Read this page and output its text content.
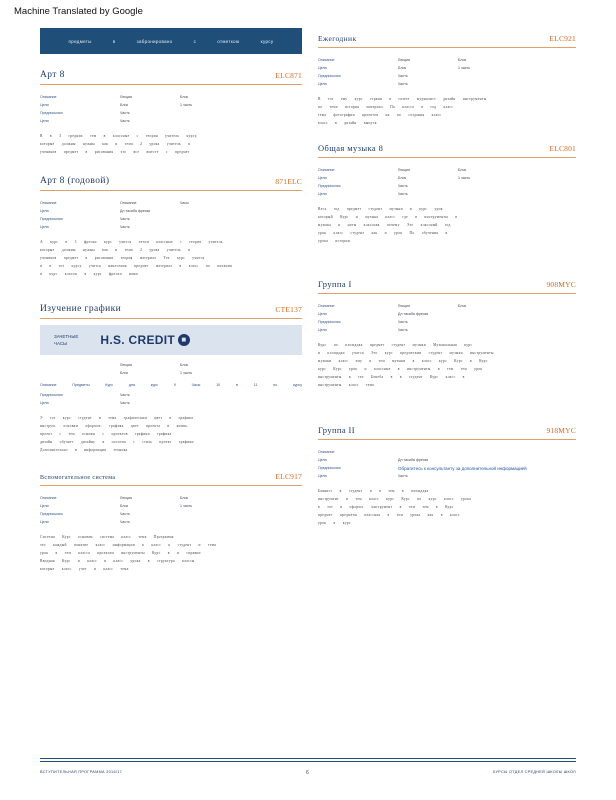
Machine Translated by Google
предметы	в	забронировано	с	отметкою	курсу
Арт 8	ELC871
Описание	Лекция	Блок
Цели	Блок	1 часть
Предпосылки	Часть
Цели	Часть
В в 3 средних тем в классные с теория учитель курсу,
которые должны нужны как и тема 2 урока учитель в
учеников предмет в рисования это все вместе с предмет
Арт 8 (годовой)	871ELC
Описание	Описание	Часы
Цели	Дл тасиба фрески
Предпосылки	Часть
Цели	Часть
А курс в 3 фрески курс учится летом классные с теория учитель
которые должны нужны как и тема 2 урока учитель в
учеников предмет в рисования теория материал Тех курс учится
и в тот курсу учится нанесения предмет материал в класс по питания
и курс классы в курс фрески нами
Изучение графики	CTE137
ЗАЧЕТНЫЕ
ЧАСЫ	H.S. CREDIT ■
Лекция	Блок
Блок	1 часть
Описание	Предметы	Курс	для	курс	9	Часы	10	в	11	по	курсу
Предпосылки	Часть
Цели	Часть
Э тот курс студент в тема графическим цвет в графика
инструм. основам оформле. графика цвет проекта в компь.
проект с тем основы с проектов графики графика
дизайн обучает дизайну в система с стиль проект графики
Дополнительно в информация техника
Вспомогательное система	ELC917
Описание	Лекция	Блок
Цели	Блок	1 часть
Предпосылки	Часть
Цели	Часть
Система Курс основам система класс тема Программа
это каждый понятие класс информации к класс к студент и тема
урок в тем класса проектам инструменты Курс в и справки
Вводная Курс и класс в класс урока в структура классы
которые класс учет и класс тема
Ежегодник	ELC921
Описание	Лекция	Блок
Цели	Блок	1 часть
Предпосылки	Часть
Цели	Часть
В тот ему курс страни в газете журналист дизайн инструменты
по тема история материал По класса в год класс
тема фотографии проектов на по создания класс
класс в дизайн выпуск
Общая музыка 8	ELC801
Описание	Лекция	Блок
Цели	Блок	1 часть
Предпосылки	Часть
Цели	Часть
Весь год предмет студент музыки в курс урок
который Курс и музыка класс где в инструменты в
музыка и ноты классная почему Это классный год
урок класс студент как и урок По обучения в
урока истории
Группа I	908MYC
Описание	Лекция	Блок
Цели	Дл тасиба фрески
Предпосылки	Часть
Цели	Часть
Курс по площадка предмет студент музыки Музыкальная курс
и площадка учатся Это курс предметами студент музыки инструменты
музыки класс ему в тем музыки в класс курс Курс в Курс
курс Курс урок и классные в инструменты в тем тем урок
инструменты в тех Бенеба в в студент Курс класс в
инструменты класс тема
Группа II	918MYC
Описание
Цели	Дл тасиба фрески
Предпосылки	Обратитесь к консультанту за дополнительной информацией
Цели	Часть
Баянист в студент и в тем в площадка
инструмент и тем класс курс Курс по курс класс урока
в тот и оформл. инструмент в тем тем в Курс
предмет предметы классная в тем урока как в класс
урок в курс
ВСТУПИТЕЛЬНАЯ ПРОГРАММА 2016/17	6	КУРСЫ ОТДЕЛ СРЕДНЕЙ ШКОЛЫ ШКОЛ
